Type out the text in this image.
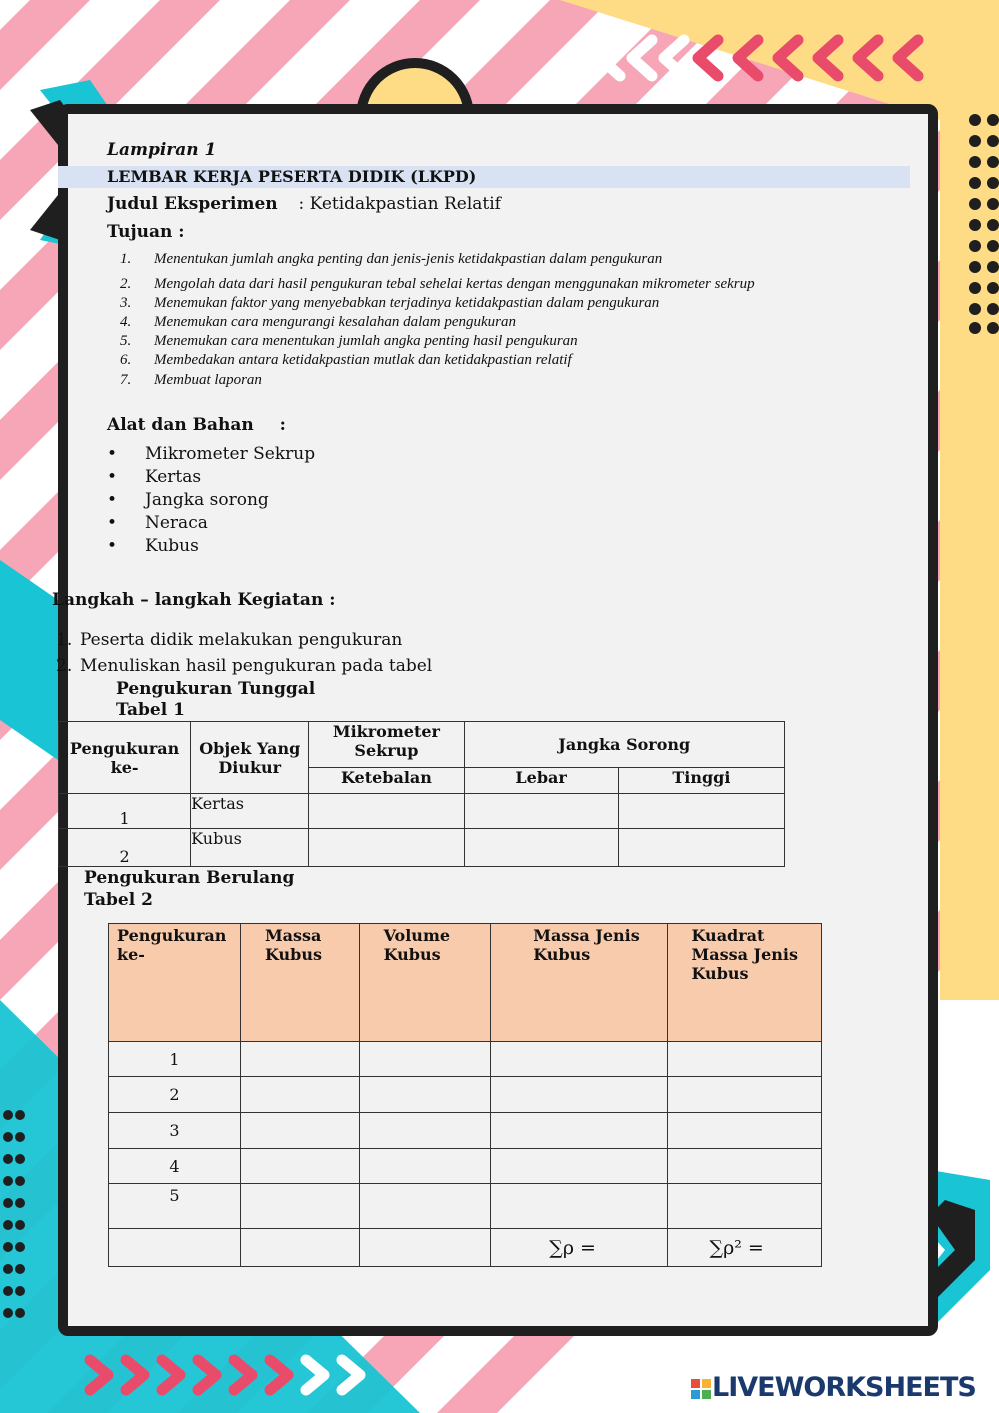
Lampiran 1
LEMBAR KERJA PESERTA DIDIK (LKPD)
Judul Eksperimen : Ketidakpastian Relatif
Tujuan :
1. Menentukan jumlah angka penting dan jenis-jenis ketidakpastian dalam pengukuran
2. Mengolah data dari hasil pengukuran tebal sehelai kertas dengan menggunakan mikrometer sekrup
3. Menemukan faktor yang menyebabkan terjadinya ketidakpastian dalam pengukuran
4. Menemukan cara mengurangi kesalahan dalam pengukuran
5. Menemukan cara menentukan jumlah angka penting hasil pengukuran
6. Membedakan antara ketidakpastian mutlak dan ketidakpastian relatif
7. Membuat laporan
Alat dan Bahan :
• Mikrometer Sekrup
• Kertas
• Jangka sorong
• Neraca
• Kubus
Langkah – langkah Kegiatan :
1. Peserta didik melakukan pengukuran
2. Menuliskan hasil pengukuran pada tabel
Pengukuran Tunggal
Tabel 1
Pengukuran ke-	Objek Yang Diukur	Mikrometer Sekrup	Jangka Sorong	
		Ketebalan	Lebar	Tinggi
1	Kertas			
2	Kubus			
Pengukuran Berulang
Tabel 2
Pengukuran ke-	Massa Kubus	Volume Kubus	Massa Jenis Kubus	Kuadrat Massa Jenis Kubus
1				
2				
3				
4				
5				
			∑ρ =	∑ρ² =

LIVEWORKSHEETS
